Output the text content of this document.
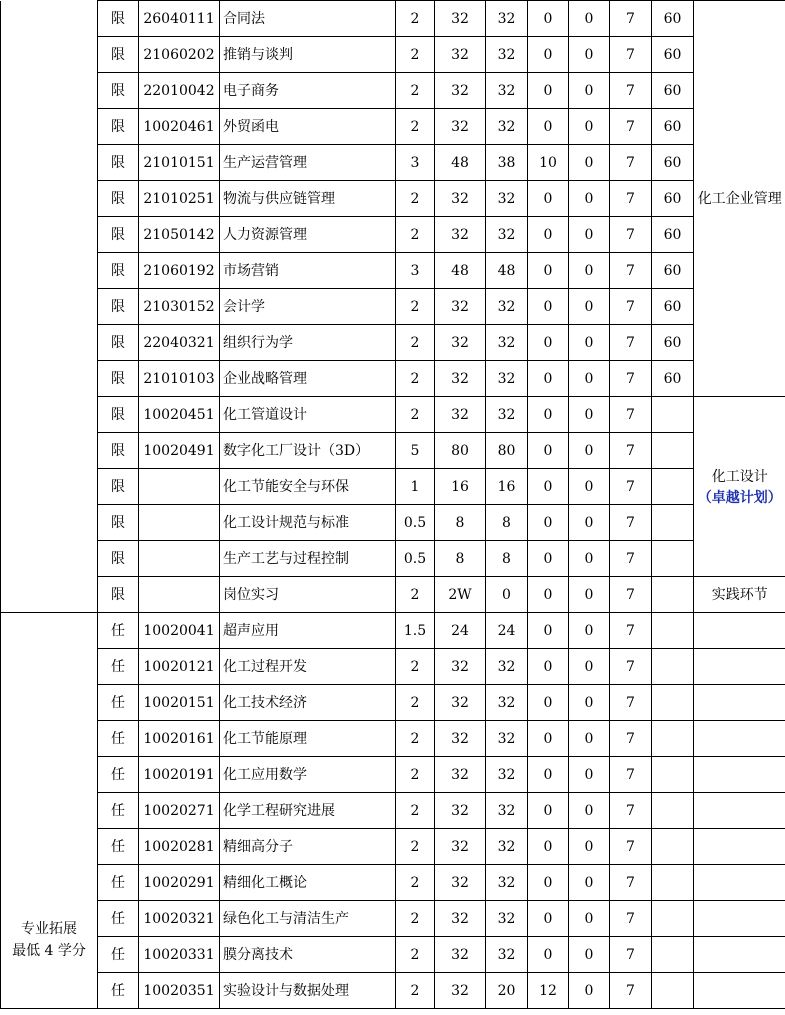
	限	26040111	合同法	2	32	32	0	0	7	60	化工企业管理
	限	21060202	推销与谈判	2	32	32	0	0	7	60	
	限	22010042	电子商务	2	32	32	0	0	7	60	
	限	10020461	外贸函电	2	32	32	0	0	7	60	
	限	21010151	生产运营管理	3	48	38	10	0	7	60	
	限	21010251	物流与供应链管理	2	32	32	0	0	7	60	
	限	21050142	人力资源管理	2	32	32	0	0	7	60	
	限	21060192	市场营销	3	48	48	0	0	7	60	
	限	21030152	会计学	2	32	32	0	0	7	60	
	限	22040321	组织行为学	2	32	32	0	0	7	60	
	限	21010103	企业战略管理	2	32	32	0	0	7	60	
	限	10020451	化工管道设计	2	32	32	0	0	7		化工设计
（卓越计划）

	限	10020491	数字化工厂设计（3D）	5	80	80	0	0	7		
	限		化工节能安全与环保	1	16	16	0	0	7		
	限		化工设计规范与标准	0.5	8	8	0	0	7		
	限		生产工艺与过程控制	0.5	8	8	0	0	7		
	限		岗位实习	2	2W	0	0	0	7		实践环节

专业拓展
最低 4 学分	任	10020041	超声应用	1.5	24	24	0	0	7		
	任	10020121	化工过程开发	2	32	32	0	0	7		
	任	10020151	化工技术经济	2	32	32	0	0	7		
	任	10020161	化工节能原理	2	32	32	0	0	7		
	任	10020191	化工应用数学	2	32	32	0	0	7		
	任	10020271	化学工程研究进展	2	32	32	0	0	7		
	任	10020281	精细高分子	2	32	32	0	0	7		
	任	10020291	精细化工概论	2	32	32	0	0	7		
	任	10020321	绿色化工与清洁生产	2	32	32	0	0	7		
	任	10020331	膜分离技术	2	32	32	0	0	7		
	任	10020351	实验设计与数据处理	2	32	20	12	0	7		
